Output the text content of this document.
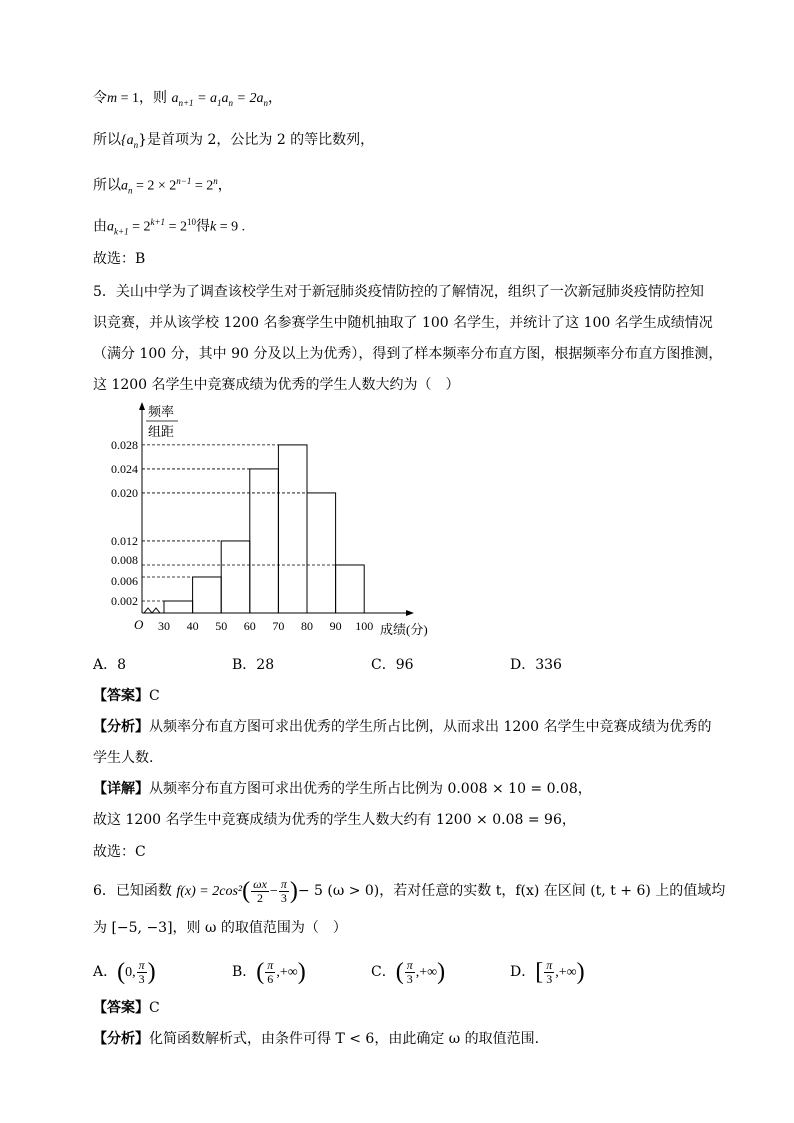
令m = 1，则 $a_{n+1} = a_1a_n = 2a_n$，
所以$\{a_n\}$是首项为 2，公比为 2 的等比数列，
所以$a_n = 2 \times 2^{n-1} = 2^n$，
由$a_{k+1} = 2^{k+1} = 2^{10}$得k = 9 .
故选：B
5．关山中学为了调查该校学生对于新冠肺炎疫情防控的了解情况，组织了一次新冠肺炎疫情防控知
识竞赛，并从该学校 1200 名参赛学生中随机抽取了 100 名学生，并统计了这 100 名学生成绩情况
（满分 100 分，其中 90 分及以上为优秀），得到了样本频率分布直方图，根据频率分布直方图推测，
这 1200 名学生中竞赛成绩为优秀的学生人数大约为（　）
频率
组距
O
0.002
0.006
0.008
0.012
0.020
0.024
0.028
30 40 50 60 70 80 90 100 成绩(分)
A．8	B．28	C．96	D．336
【答案】C
【分析】从频率分布直方图可求出优秀的学生所占比例，从而求出 1200 名学生中竞赛成绩为优秀的
学生人数.
【详解】从频率分布直方图可求出优秀的学生所占比例为 0.008 × 10 = 0.08，
故这 1200 名学生中竞赛成绩为优秀的学生人数大约有 1200 × 0.08 = 96，
故选：C
6．已知函数 $f(x) = 2\cos^2( \frac{\omega x}{2} - \frac{\pi}{3}$ )− 5 (ω > 0)，若对任意的实数 t，f(x) 在区间 (t, t + 6) 上的值域均
为 [−5, −3]，则 ω 的取值范围为（　）
A．(0, $\frac{\pi}{3}$ )	B．( $\frac{\pi}{6}$ ,+∞)	C．( $\frac{\pi}{3}$ ,+∞)	D．[ $\frac{\pi}{3}$ ,+∞)
【答案】C
【分析】化简函数解析式，由条件可得 T < 6，由此确定 ω 的取值范围.
